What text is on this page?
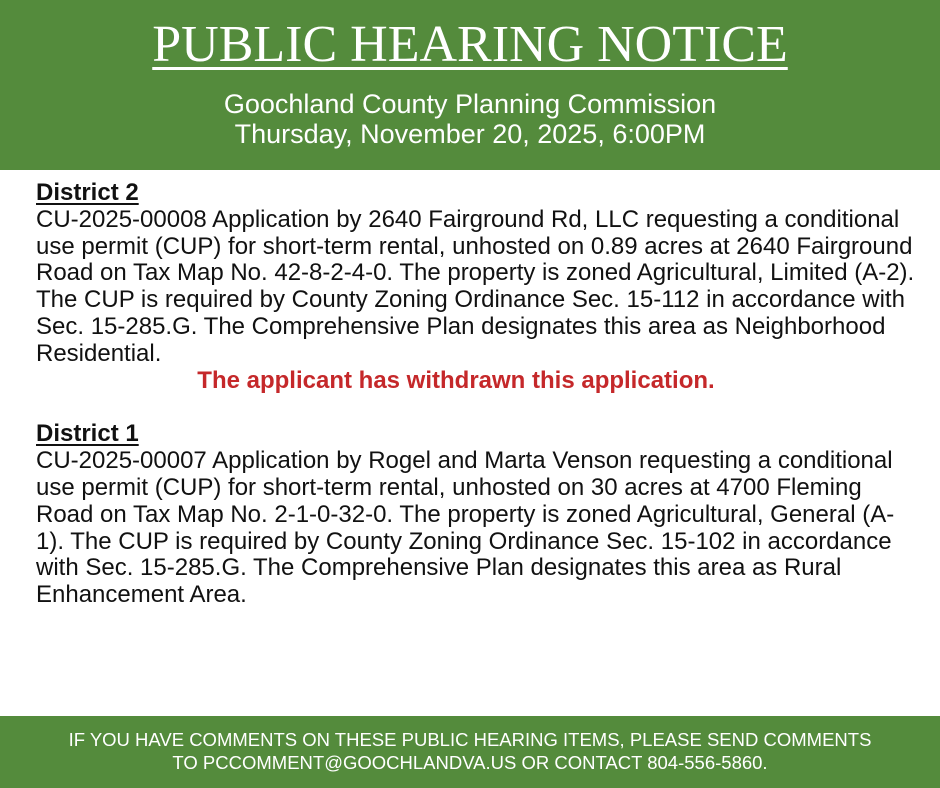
PUBLIC HEARING NOTICE
Goochland County Planning Commission
Thursday, November 20, 2025, 6:00PM
District 2

CU-2025-00008 Application by 2640 Fairground Rd, LLC requesting a conditional use permit (CUP) for short-term rental, unhosted on 0.89 acres at 2640 Fairground Road on Tax Map No. 42-8-2-4-0. The property is zoned Agricultural, Limited (A-2). The CUP is required by County Zoning Ordinance Sec. 15-112 in accordance with Sec. 15-285.G. The Comprehensive Plan designates this area as Neighborhood Residential.

The applicant has withdrawn this application.
District 1

CU-2025-00007 Application by Rogel and Marta Venson requesting a conditional use permit (CUP) for short-term rental, unhosted on 30 acres at 4700 Fleming Road on Tax Map No. 2-1-0-32-0. The property is zoned Agricultural, General (A-1). The CUP is required by County Zoning Ordinance Sec. 15-102 in accordance with Sec. 15-285.G. The Comprehensive Plan designates this area as Rural Enhancement Area.

IF YOU HAVE COMMENTS ON THESE PUBLIC HEARING ITEMS, PLEASE SEND COMMENTS
TO PCCOMMENT@GOOCHLANDVA.US OR CONTACT 804-556-5860.
